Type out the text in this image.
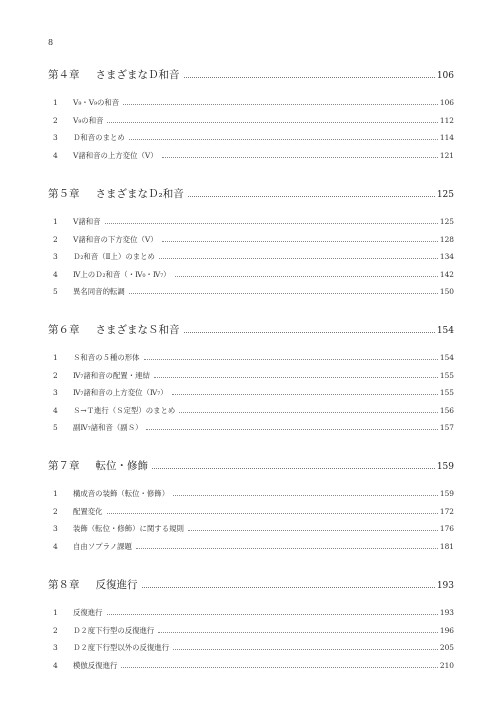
8
第４章 さまざまなＤ和音	106
1	Ⅴ₉・Ⅴ₉の和音	106
2	Ⅴ₉の和音	112
3	Ｄ和音のまとめ	114
4	Ⅴ諸和音の上方変位（Ⅴ）	121
第５章 さまざまなＤ₂和音	125
1	Ⅴ諸和音	125
2	Ⅴ諸和音の下方変位（Ⅴ）	128
3	Ｄ₂和音（Ⅱ上）のまとめ	134
4	Ⅳ上のＤ₂和音（・Ⅳ₀・Ⅳ₇）	142
5	異名同音的転調	150
第６章 さまざまなＳ和音	154
1	Ｓ和音の５種の形体	154
2	Ⅳ₇諸和音の配置・連結	155
3	Ⅳ₇諸和音の上方変位（Ⅳ₇）	155
4	Ｓ→Ｔ進行（Ｓ定型）のまとめ	156
5	副Ⅳ₇諸和音（副Ｓ）	157
第７章 転位・修飾	159
1	構成音の装飾（転位・修飾）	159
2	配置変化	172
3	装飾（転位・修飾）に関する規則	176
4	自由ソプラノ課題	181
第８章 反復進行	193
1	反復進行	193
2	Ｄ２度下行型の反復進行	196
3	Ｄ２度下行型以外の反復進行	205
4	模倣反復進行	210
